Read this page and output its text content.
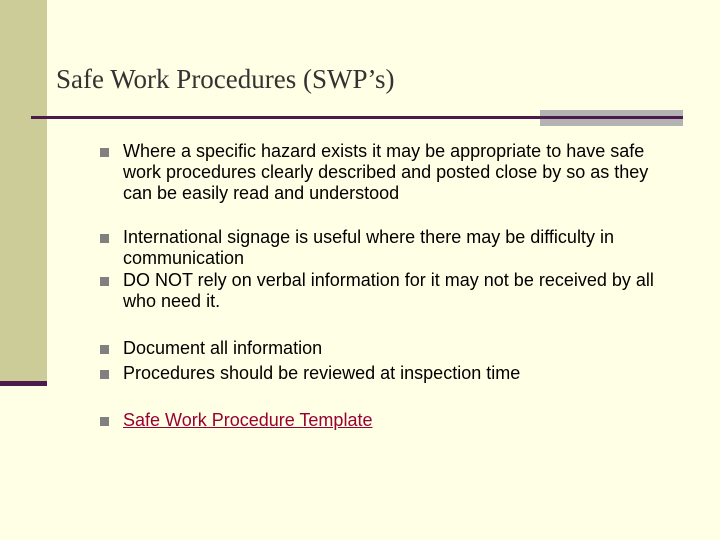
Safe Work Procedures (SWP’s)
Where a specific hazard exists it may be appropriate to have safe work procedures clearly described and posted close by so as they can be easily read and understood
International signage is useful where there may be difficulty in communication
DO NOT rely on verbal information for it may not be received by all who need it.
Document all information
Procedures should be reviewed at inspection time
Safe Work Procedure Template
